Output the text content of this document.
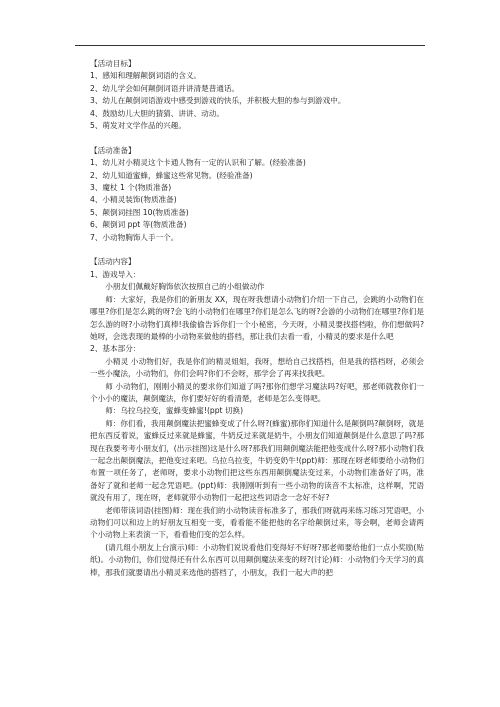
【活动目标】

1、感知和理解颠倒词语的含义。

2、幼儿学会如何颠倒词语并讲清楚普通话。

3、幼儿在颠倒词语游戏中感受到游戏的快乐，并积极大胆的参与到游戏中。

4、鼓励幼儿大胆的猜猜、讲讲、动动。

5、萌发对文学作品的兴趣。

【活动准备】

1、幼儿对小精灵这个卡通人物有一定的认识和了解。(经验准备)

2、幼儿知道蜜蜂，蜂蜜这些常见物。(经验准备)

3、魔杖 1 个(物质准备)

4、小精灵装饰(物质准备)

5、颠倒词挂图 10(物质准备)

6、颠倒词 ppt 等(物质准备)

7、小动物胸饰人手一个。

【活动内容】

1、游戏导入：

小朋友们佩戴好胸饰依次按照自己的小组做动作

师：大家好，我是你们的新朋友 XX，现在呀我想请小动物们介绍一下自己，会跳的小动物们在哪里?你们是怎么跳的呀?会飞的小动物们在哪里?你们是怎么飞的呀?会游的小动物们在哪里?你们是怎么游的呀?小动物们真棒!我偷偷告诉你们一个小秘密，今天呀，小精灵要找搭档啦，你们想做吗?她呀，会选表现的最棒的小动物来做他的搭档，那让我们去看一看，小精灵的要求是什么吧

2、基本部分：

小精灵 小动物们好，我是你们的精灵姐姐，我呀，想给自己找搭档，但是我的搭档呀，必须会一些小魔法，小动物们，你们会吗?你们不会呀，那学会了再来找我吧。

师 小动物们，刚刚小精灵的要求你们知道了吗?那你们想学习魔法吗?好吧，那老师就教你们一个小小的魔法，颠倒魔法，你们要好好的看清楚，老师是怎么变得吧。

师：乌拉乌拉变，蜜蜂变蜂蜜!(ppt 切换)

师：你们看，我用颠倒魔法把蜜蜂变成了什么呀?(蜂蜜)那你们知道什么是颠倒吗?颠倒呀，就是把东西反着说，蜜蜂反过来就是蜂蜜，牛奶反过来就是奶牛，小朋友们知道颠倒是什么意思了吗?那现在我要考考小朋友们，(出示挂图)这是什么呀?那我们用颠倒魔法能把他变成什么呀?那小动物们我一起念出颠倒魔法，把他变过来吧。乌拉乌拉变，牛奶变奶牛!(ppt)师：那现在呀老师要给小动物们布置一项任务了，老师呀，要求小动物们把这些东西用颠倒魔法变过来，小动物们准备好了吗，准备好了就和老师一起念咒语吧。(ppt)师：我刚刚听到有一些小动物的读音不太标准，这样啊，咒语就没有用了，现在呀，老师就带小动物们一起把这些词语念一念好不好?

老师带读词语(挂图)师：现在我们的小动物读音标准多了，那我们呀就再来练习练习咒语吧，小动物们可以和边上的好朋友互相变一变，看看能不能把他的名字给颠倒过来，等会啊，老师会请两个小动物上来表演一下，看看他们变的怎么样。

(请几组小朋友上台演示)师：小动物们说说看他们变得好不好呀?那老师要给他们一点小奖励(贴纸)。小动物们，你们觉得还有什么东西可以用颠倒魔法来变的呀?(讨论)师：小动物们今天学习的真棒，那我们就要请出小精灵来选他的搭档了，小朋友，我们一起大声的把
